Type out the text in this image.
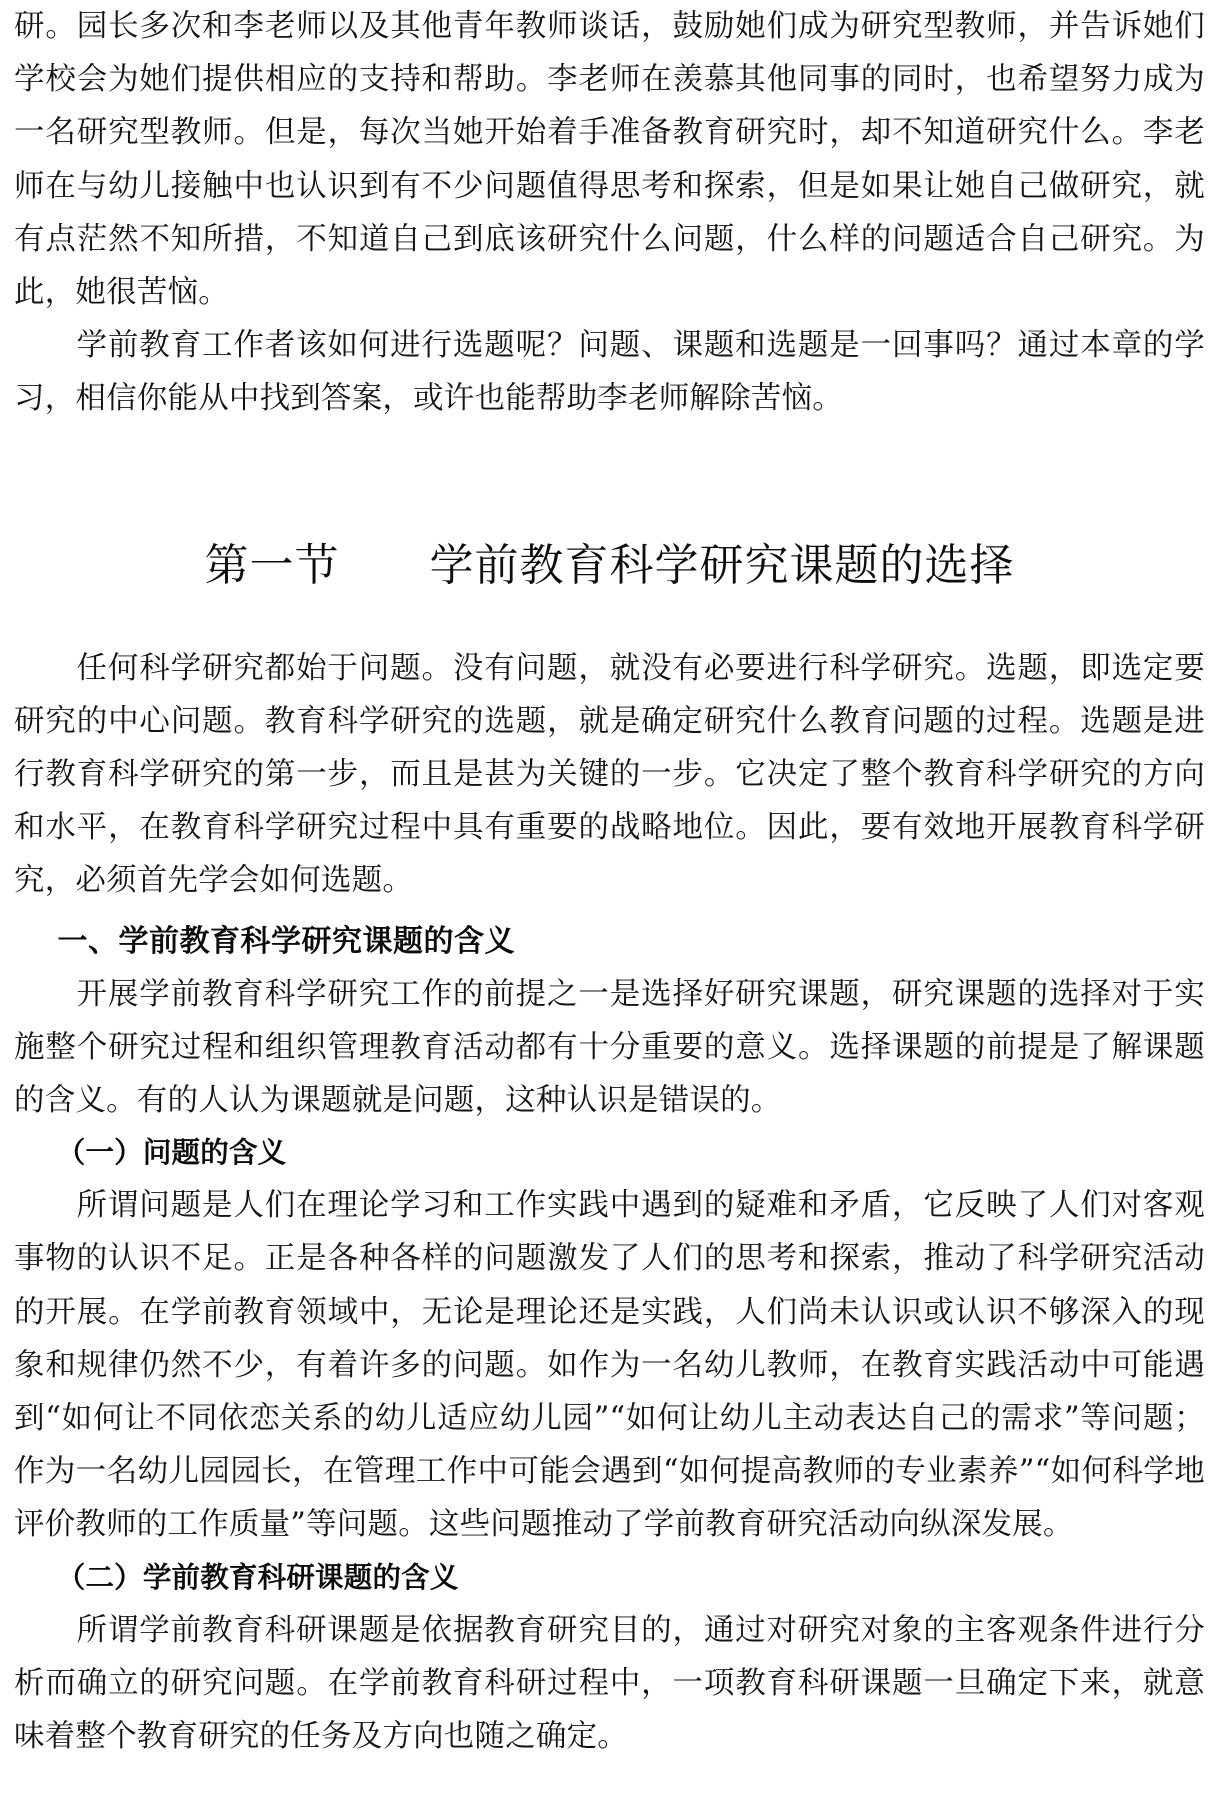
研。园长多次和李老师以及其他青年教师谈话，鼓励她们成为研究型教师，并告诉她们学校会为她们提供相应的支持和帮助。李老师在羡慕其他同事的同时，也希望努力成为一名研究型教师。但是，每次当她开始着手准备教育研究时，却不知道研究什么。李老师在与幼儿接触中也认识到有不少问题值得思考和探索，但是如果让她自己做研究，就有点茫然不知所措，不知道自己到底该研究什么问题，什么样的问题适合自己研究。为此，她很苦恼。

学前教育工作者该如何进行选题呢？问题、课题和选题是一回事吗？通过本章的学习，相信你能从中找到答案，或许也能帮助李老师解除苦恼。

第一节　　学前教育科学研究课题的选择

任何科学研究都始于问题。没有问题，就没有必要进行科学研究。选题，即选定要研究的中心问题。教育科学研究的选题，就是确定研究什么教育问题的过程。选题是进行教育科学研究的第一步，而且是甚为关键的一步。它决定了整个教育科学研究的方向和水平，在教育科学研究过程中具有重要的战略地位。因此，要有效地开展教育科学研究，必须首先学会如何选题。

一、学前教育科学研究课题的含义

开展学前教育科学研究工作的前提之一是选择好研究课题，研究课题的选择对于实施整个研究过程和组织管理教育活动都有十分重要的意义。选择课题的前提是了解课题的含义。有的人认为课题就是问题，这种认识是错误的。

（一）问题的含义

所谓问题是人们在理论学习和工作实践中遇到的疑难和矛盾，它反映了人们对客观事物的认识不足。正是各种各样的问题激发了人们的思考和探索，推动了科学研究活动的开展。在学前教育领域中，无论是理论还是实践，人们尚未认识或认识不够深入的现象和规律仍然不少，有着许多的问题。如作为一名幼儿教师，在教育实践活动中可能遇到“如何让不同依恋关系的幼儿适应幼儿园”“如何让幼儿主动表达自己的需求”等问题；作为一名幼儿园园长，在管理工作中可能会遇到“如何提高教师的专业素养”“如何科学地评价教师的工作质量”等问题。这些问题推动了学前教育研究活动向纵深发展。

（二）学前教育科研课题的含义

所谓学前教育科研课题是依据教育研究目的，通过对研究对象的主客观条件进行分析而确立的研究问题。在学前教育科研过程中，一项教育科研课题一旦确定下来，就意味着整个教育研究的任务及方向也随之确定。
